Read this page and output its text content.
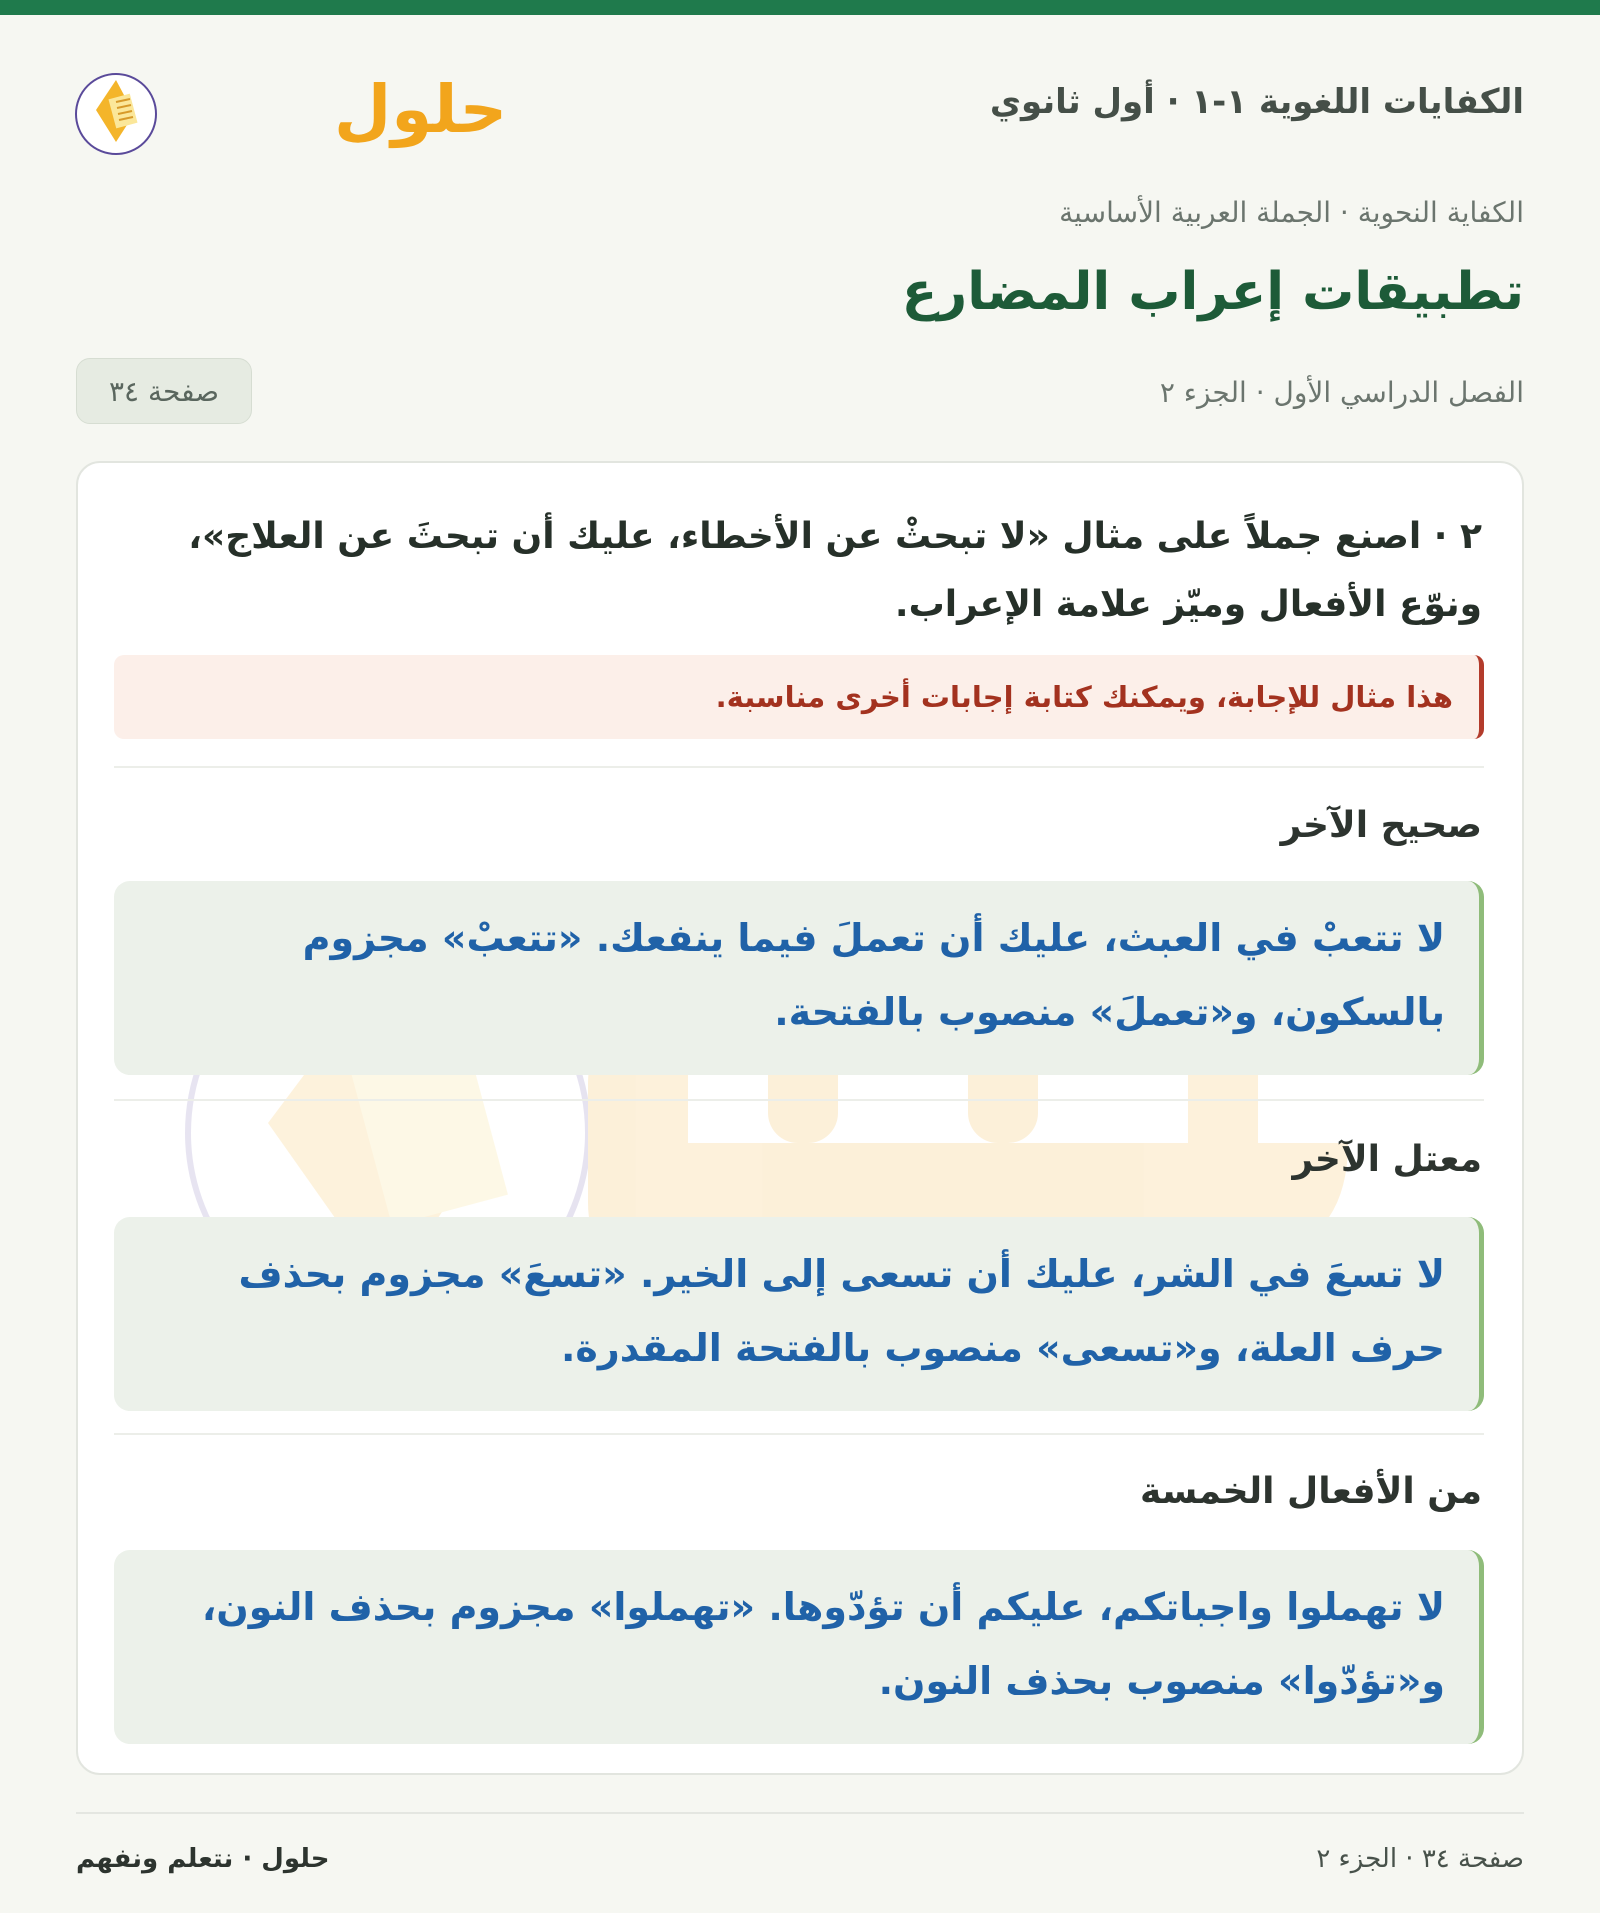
الكفايات اللغوية ١-١ · أول ثانوي
حلول
الكفاية النحوية · الجملة العربية الأساسية
تطبيقات إعراب المضارع
الفصل الدراسي الأول · الجزء ٢
صفحة ٣٤
٢ · اصنع جملاً على مثال «لا تبحثْ عن الأخطاء، عليك أن تبحثَ عن العلاج»، ونوّع الأفعال وميّز علامة الإعراب.
هذا مثال للإجابة، ويمكنك كتابة إجابات أخرى مناسبة.
صحيح الآخر
لا تتعبْ في العبث، عليك أن تعملَ فيما ينفعك. «تتعبْ» مجزوم بالسكون، و«تعملَ» منصوب بالفتحة.
معتل الآخر
لا تسعَ في الشر، عليك أن تسعى إلى الخير. «تسعَ» مجزوم بحذف حرف العلة، و«تسعى» منصوب بالفتحة المقدرة.
من الأفعال الخمسة
لا تهملوا واجباتكم، عليكم أن تؤدّوها. «تهملوا» مجزوم بحذف النون، و«تؤدّوا» منصوب بحذف النون.
صفحة ٣٤ · الجزء ٢
حلول · نتعلم ونفهم
